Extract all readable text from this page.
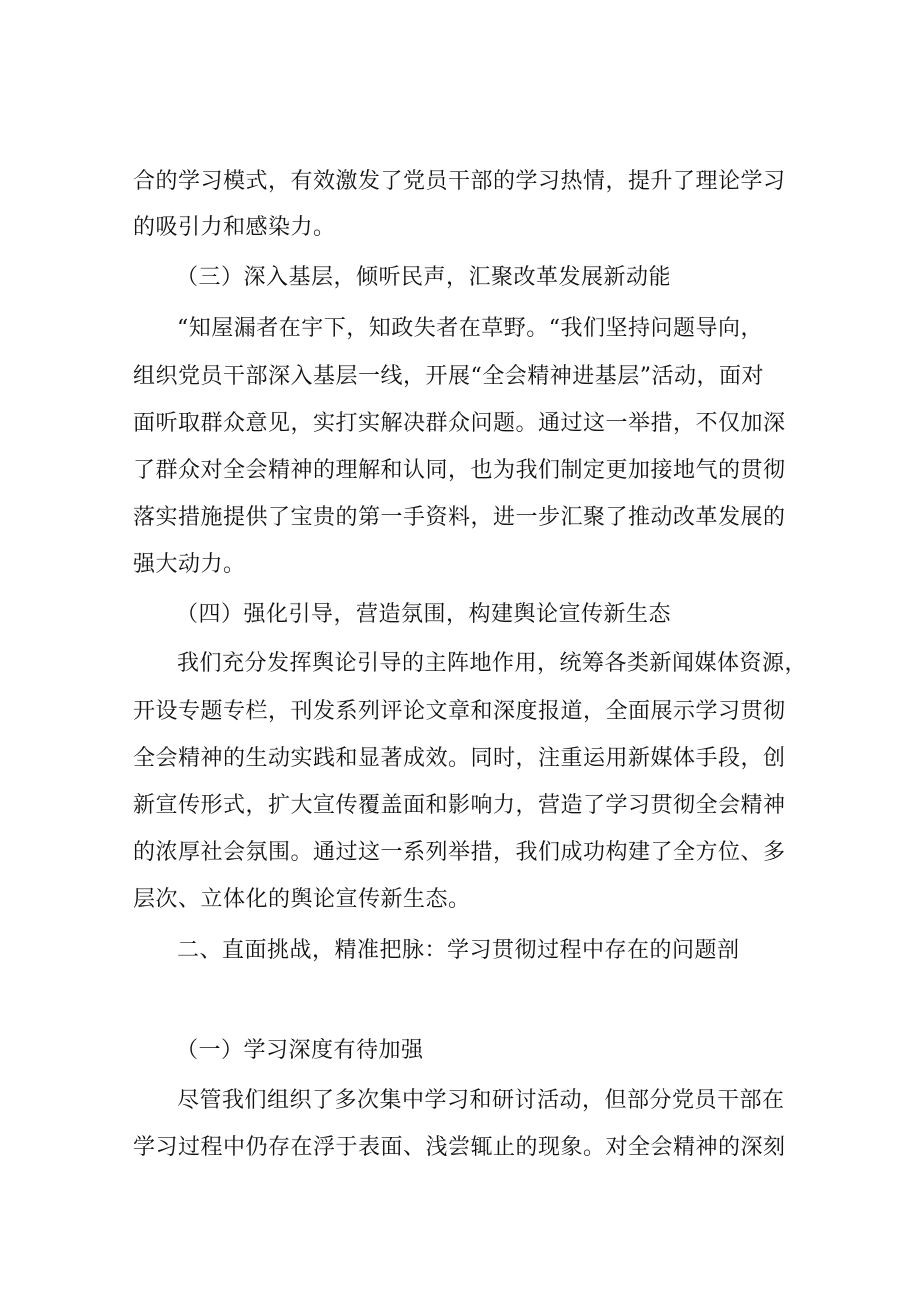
合的学习模式，有效激发了党员干部的学习热情，提升了理论学习
的吸引力和感染力。
（三）深入基层，倾听民声，汇聚改革发展新动能
“知屋漏者在宇下，知政失者在草野。“我们坚持问题导向，
组织党员干部深入基层一线，开展“全会精神进基层”活动，面对
面听取群众意见，实打实解决群众问题。通过这一举措，不仅加深
了群众对全会精神的理解和认同，也为我们制定更加接地气的贯彻
落实措施提供了宝贵的第一手资料，进一步汇聚了推动改革发展的
强大动力。
（四）强化引导，营造氛围，构建舆论宣传新生态
我们充分发挥舆论引导的主阵地作用，统筹各类新闻媒体资源，
开设专题专栏，刊发系列评论文章和深度报道，全面展示学习贯彻
全会精神的生动实践和显著成效。同时，注重运用新媒体手段，创
新宣传形式，扩大宣传覆盖面和影响力，营造了学习贯彻全会精神
的浓厚社会氛围。通过这一系列举措，我们成功构建了全方位、多
层次、立体化的舆论宣传新生态。
二、直面挑战，精准把脉：学习贯彻过程中存在的问题剖
（一）学习深度有待加强
尽管我们组织了多次集中学习和研讨活动，但部分党员干部在
学习过程中仍存在浮于表面、浅尝辄止的现象。对全会精神的深刻
